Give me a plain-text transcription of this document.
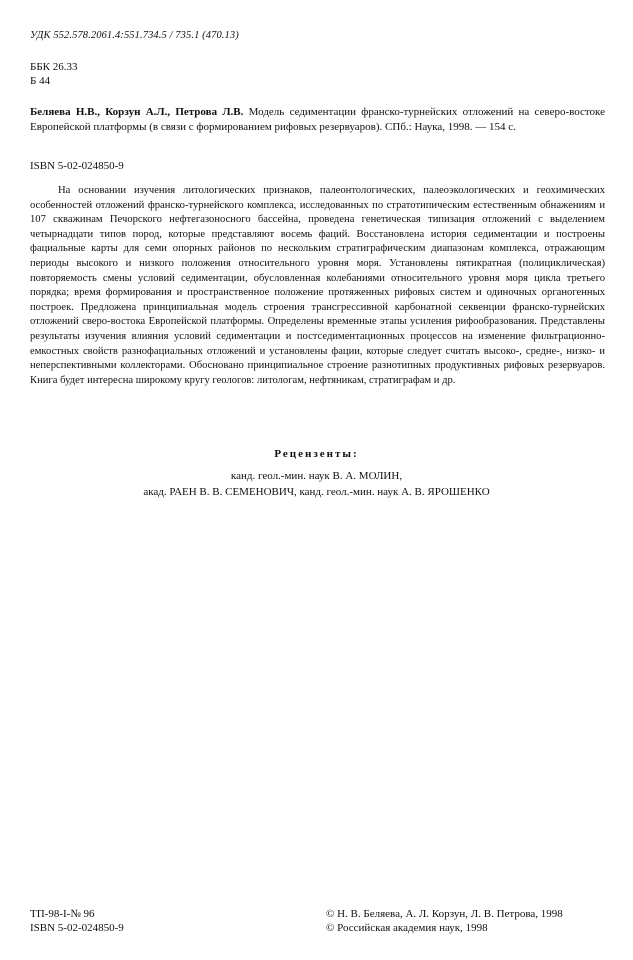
УДК 552.578.2061.4:551.734.5 / 735.1 (470.13)
ББК 26.33
Б 44
Беляева Н.В., Корзун А.Л., Петрова Л.В. Модель седиментации франско-турнейских отложений на северо-востоке Европейской платформы (в связи с формированием рифовых резервуаров). СПб.: Наука, 1998. — 154 с.
ISBN 5-02-024850-9

На основании изучения литологических признаков, палеонтологических, палеоэкологических и геохимических особенностей отложений франско-турнейского комплекса, исследованных по стратотипическим естественным обнажениям и 107 скважинам Печорского нефтегазоносного бассейна, проведена генетическая типизация отложений с выделением четырнадцати типов пород, которые представляют восемь фаций. Восстановлена история седиментации и построены фациальные карты для семи опорных районов по нескольким стратиграфическим диапазонам комплекса, отражающим периоды высокого и низкого положения относительного уровня моря. Установлены пятикратная (полициклическая) повторяемость смены условий седиментации, обусловленная колебаниями относительного уровня моря цикла третьего порядка; время формирования и пространственное положение протяженных рифовых систем и одиночных органогенных построек. Предложена принципиальная модель строения трансгрессивной карбонатной секвенции франско-турнейских отложений сверо-востока Европейской платформы. Определены временные этапы усиления рифообразования. Представлены результаты изучения влияния условий седиментации и постседиментационных процессов на изменение фильтрационно-емкостных свойств разнофациальных отложений и установлены фации, которые следует считать высоко-, средне-, низко- и неперспективными коллекторами. Обосновано принципиальное строение разнотипных продуктивных рифовых резервуаров. Книга будет интересна широкому кругу геологов: литологам, нефтяникам, стратиграфам и др.

Рецензенты:
канд. геол.-мин. наук В. А. МОЛИН,
акад. РАЕН В. В. СЕМЕНОВИЧ, канд. геол.-мин. наук А. В. ЯРОШЕНКО
ТП-98-I-№ 96
ISBN 5-02-024850-9
© Н. В. Беляева, А. Л. Корзун, Л. В. Петрова, 1998
© Российская академия наук, 1998
